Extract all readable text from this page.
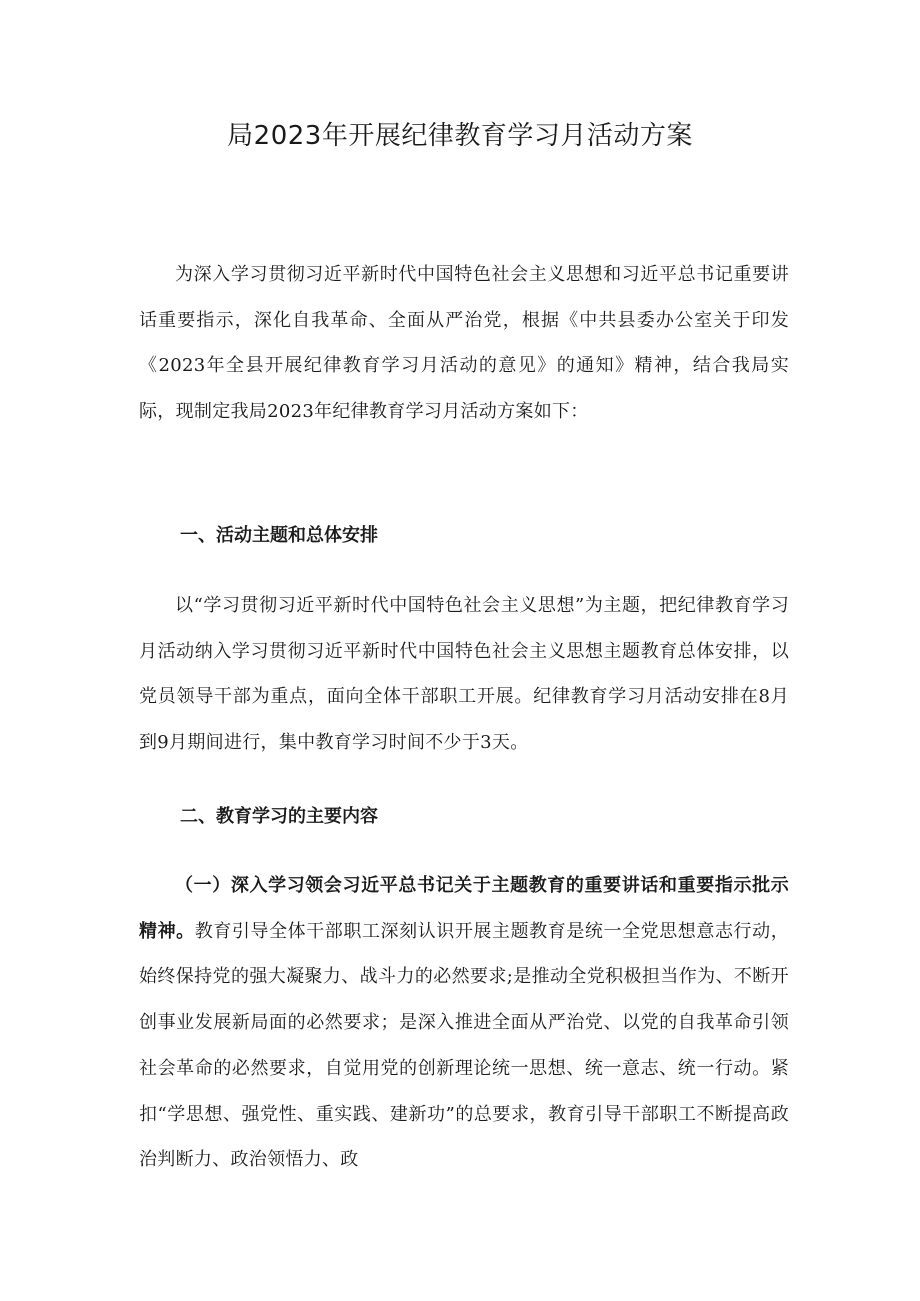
局2023年开展纪律教育学习月活动方案
为深入学习贯彻习近平新时代中国特色社会主义思想和习近平总书记重要讲话重要指示，深化自我革命、全面从严治党，根据《中共县委办公室关于印发《2023年全县开展纪律教育学习月活动的意见》的通知》精神，结合我局实际，现制定我局2023年纪律教育学习月活动方案如下：
一、活动主题和总体安排
以“学习贯彻习近平新时代中国特色社会主义思想”为主题，把纪律教育学习月活动纳入学习贯彻习近平新时代中国特色社会主义思想主题教育总体安排，以党员领导干部为重点，面向全体干部职工开展。纪律教育学习月活动安排在8月到9月期间进行，集中教育学习时间不少于3天。
二、教育学习的主要内容
（一）深入学习领会习近平总书记关于主题教育的重要讲话和重要指示批示精神。教育引导全体干部职工深刻认识开展主题教育是统一全党思想意志行动，始终保持党的强大凝聚力、战斗力的必然要求;是推动全党积极担当作为、不断开创事业发展新局面的必然要求；是深入推进全面从严治党、以党的自我革命引领社会革命的必然要求，自觉用党的创新理论统一思想、统一意志、统一行动。紧扣“学思想、强党性、重实践、建新功”的总要求，教育引导干部职工不断提高政治判断力、政治领悟力、政
